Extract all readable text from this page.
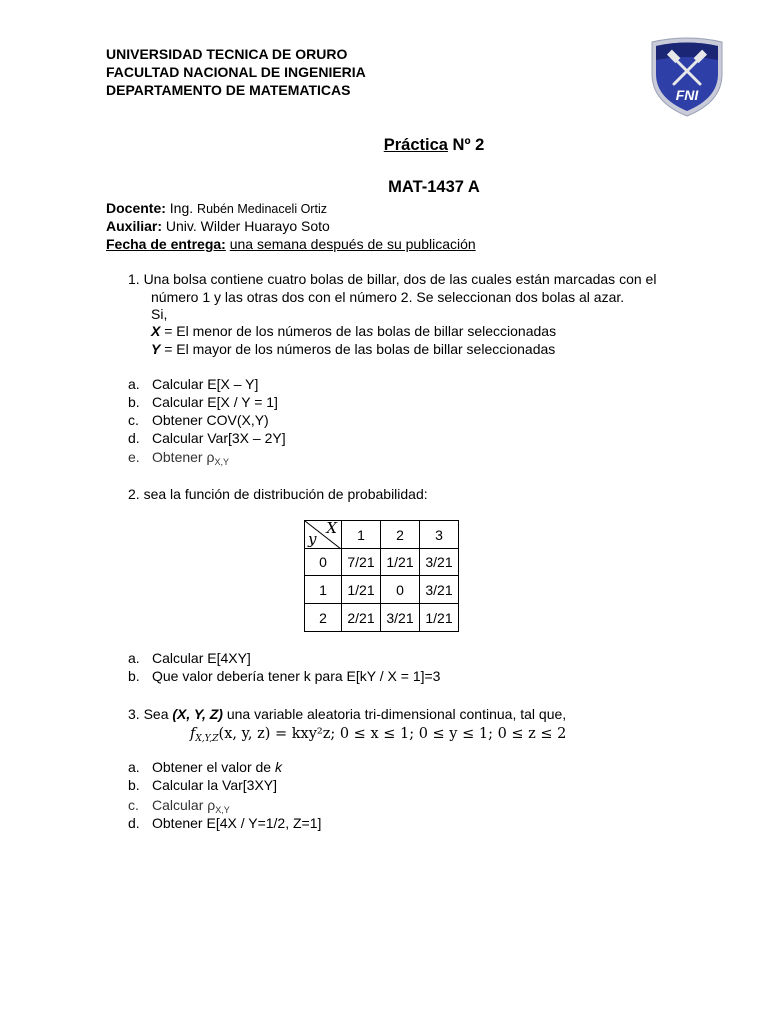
UNIVERSIDAD TECNICA DE ORURO
FACULTAD NACIONAL DE INGENIERIA
DEPARTAMENTO DE MATEMATICAS	FNI
Práctica Nº 2
MAT-1437 A
Docente: Ing. Rubén Medinaceli Ortiz
Auxiliar: Univ. Wilder Huarayo Soto
Fecha de entrega: una semana después de su publicación
1. Una bolsa contiene cuatro bolas de billar, dos de las cuales están marcadas con el
número 1 y las otras dos con el número 2. Se seleccionan dos bolas al azar.
Si,
X = El menor de los números de las bolas de billar seleccionadas
Y = El mayor de los números de las bolas de billar seleccionadas
a. Calcular E[X – Y]
b. Calcular E[X / Y = 1]
c. Obtener COV(X,Y)
d. Calcular Var[3X – 2Y]
e. Obtener $\rho_{X,Y}$
2. sea la función de distribución de probabilidad:
X
y	1	2	3
0	7/21	1/21	3/21
1	1/21	0	3/21
2	2/21	3/21	1/21
a. Calcular E[4XY]
b. Que valor debería tener k para E[kY / X = 1]=3
3. Sea (X, Y, Z) una variable aleatoria tri-dimensional continua, tal que,
$f_{X,Y,Z}(x$, y, z) = kxy²z; 0 ≤ x ≤ 1; 0 ≤ y ≤ 1; 0 ≤ z ≤ 2
a. Obtener el valor de k
b. Calcular la Var[3XY]
c. Calcular $\rho_{X,Y}$
d. Obtener E[4X / Y=1/2, Z=1]
